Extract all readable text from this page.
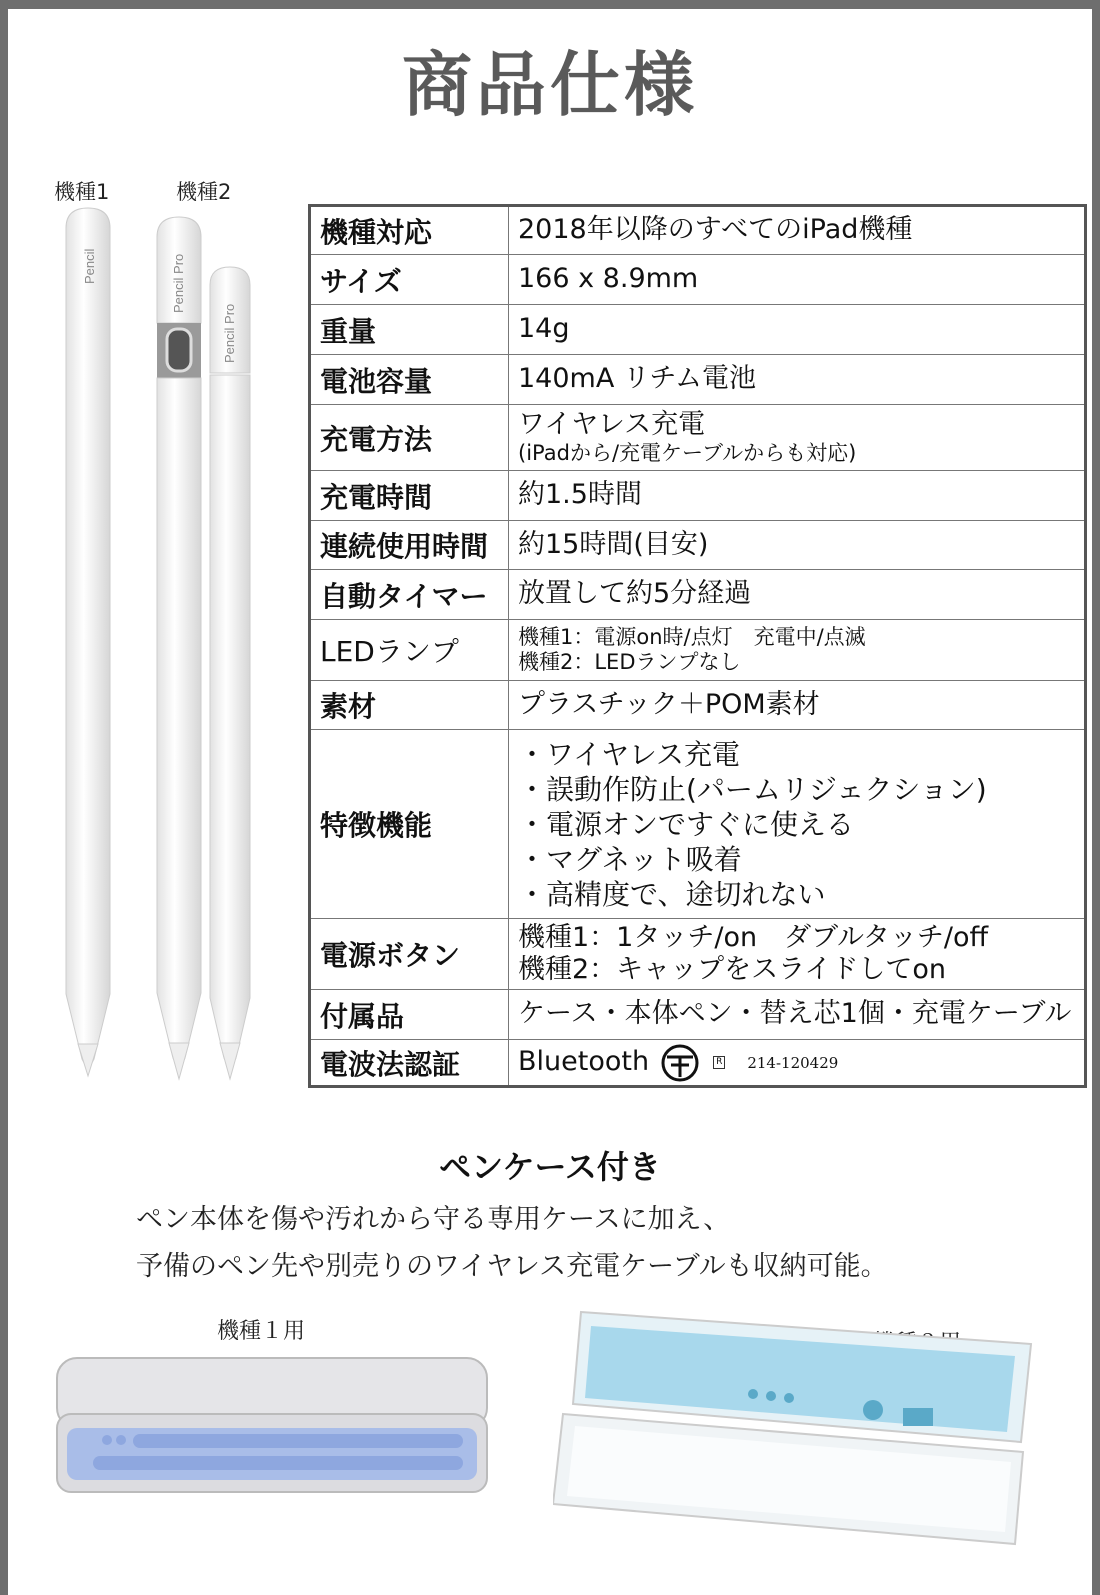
商品仕様
機種1	機種2
Pencil	Pencil Pro
Pencil Pro
機種対応	2018年以降のすべてのiPad機種
サイズ	166 x 8.9mm
重量	14g
電池容量	140mA リチム電池
充電方法	ワイヤレス充電
(iPadから/充電ケーブルからも対応)

充電時間	約1.5時間
連続使用時間	約15時間(目安)
自動タイマー	放置して約5分経過
LEDランプ	機種1：電源on時/点灯　充電中/点滅
機種2：LEDランプなし

素材	プラスチック＋POM素材
特徴機能	・ワイヤレス充電
・誤動作防止(パームリジェクション)
・電源オンですぐに使える
・マグネット吸着
・高精度で、途切れない

電源ボタン	機種1：1タッチ/on　ダブルタッチ/off
機種2：キャップをスライドしてon

付属品	ケース・本体ペン・替え芯1個・充電ケーブル
電波法認証	Bluetooth R 214-120429
ペンケース付き
ペン本体を傷や汚れから守る専用ケースに加え、
予備のペン先や別売りのワイヤレス充電ケーブルも収納可能。
機種１用
